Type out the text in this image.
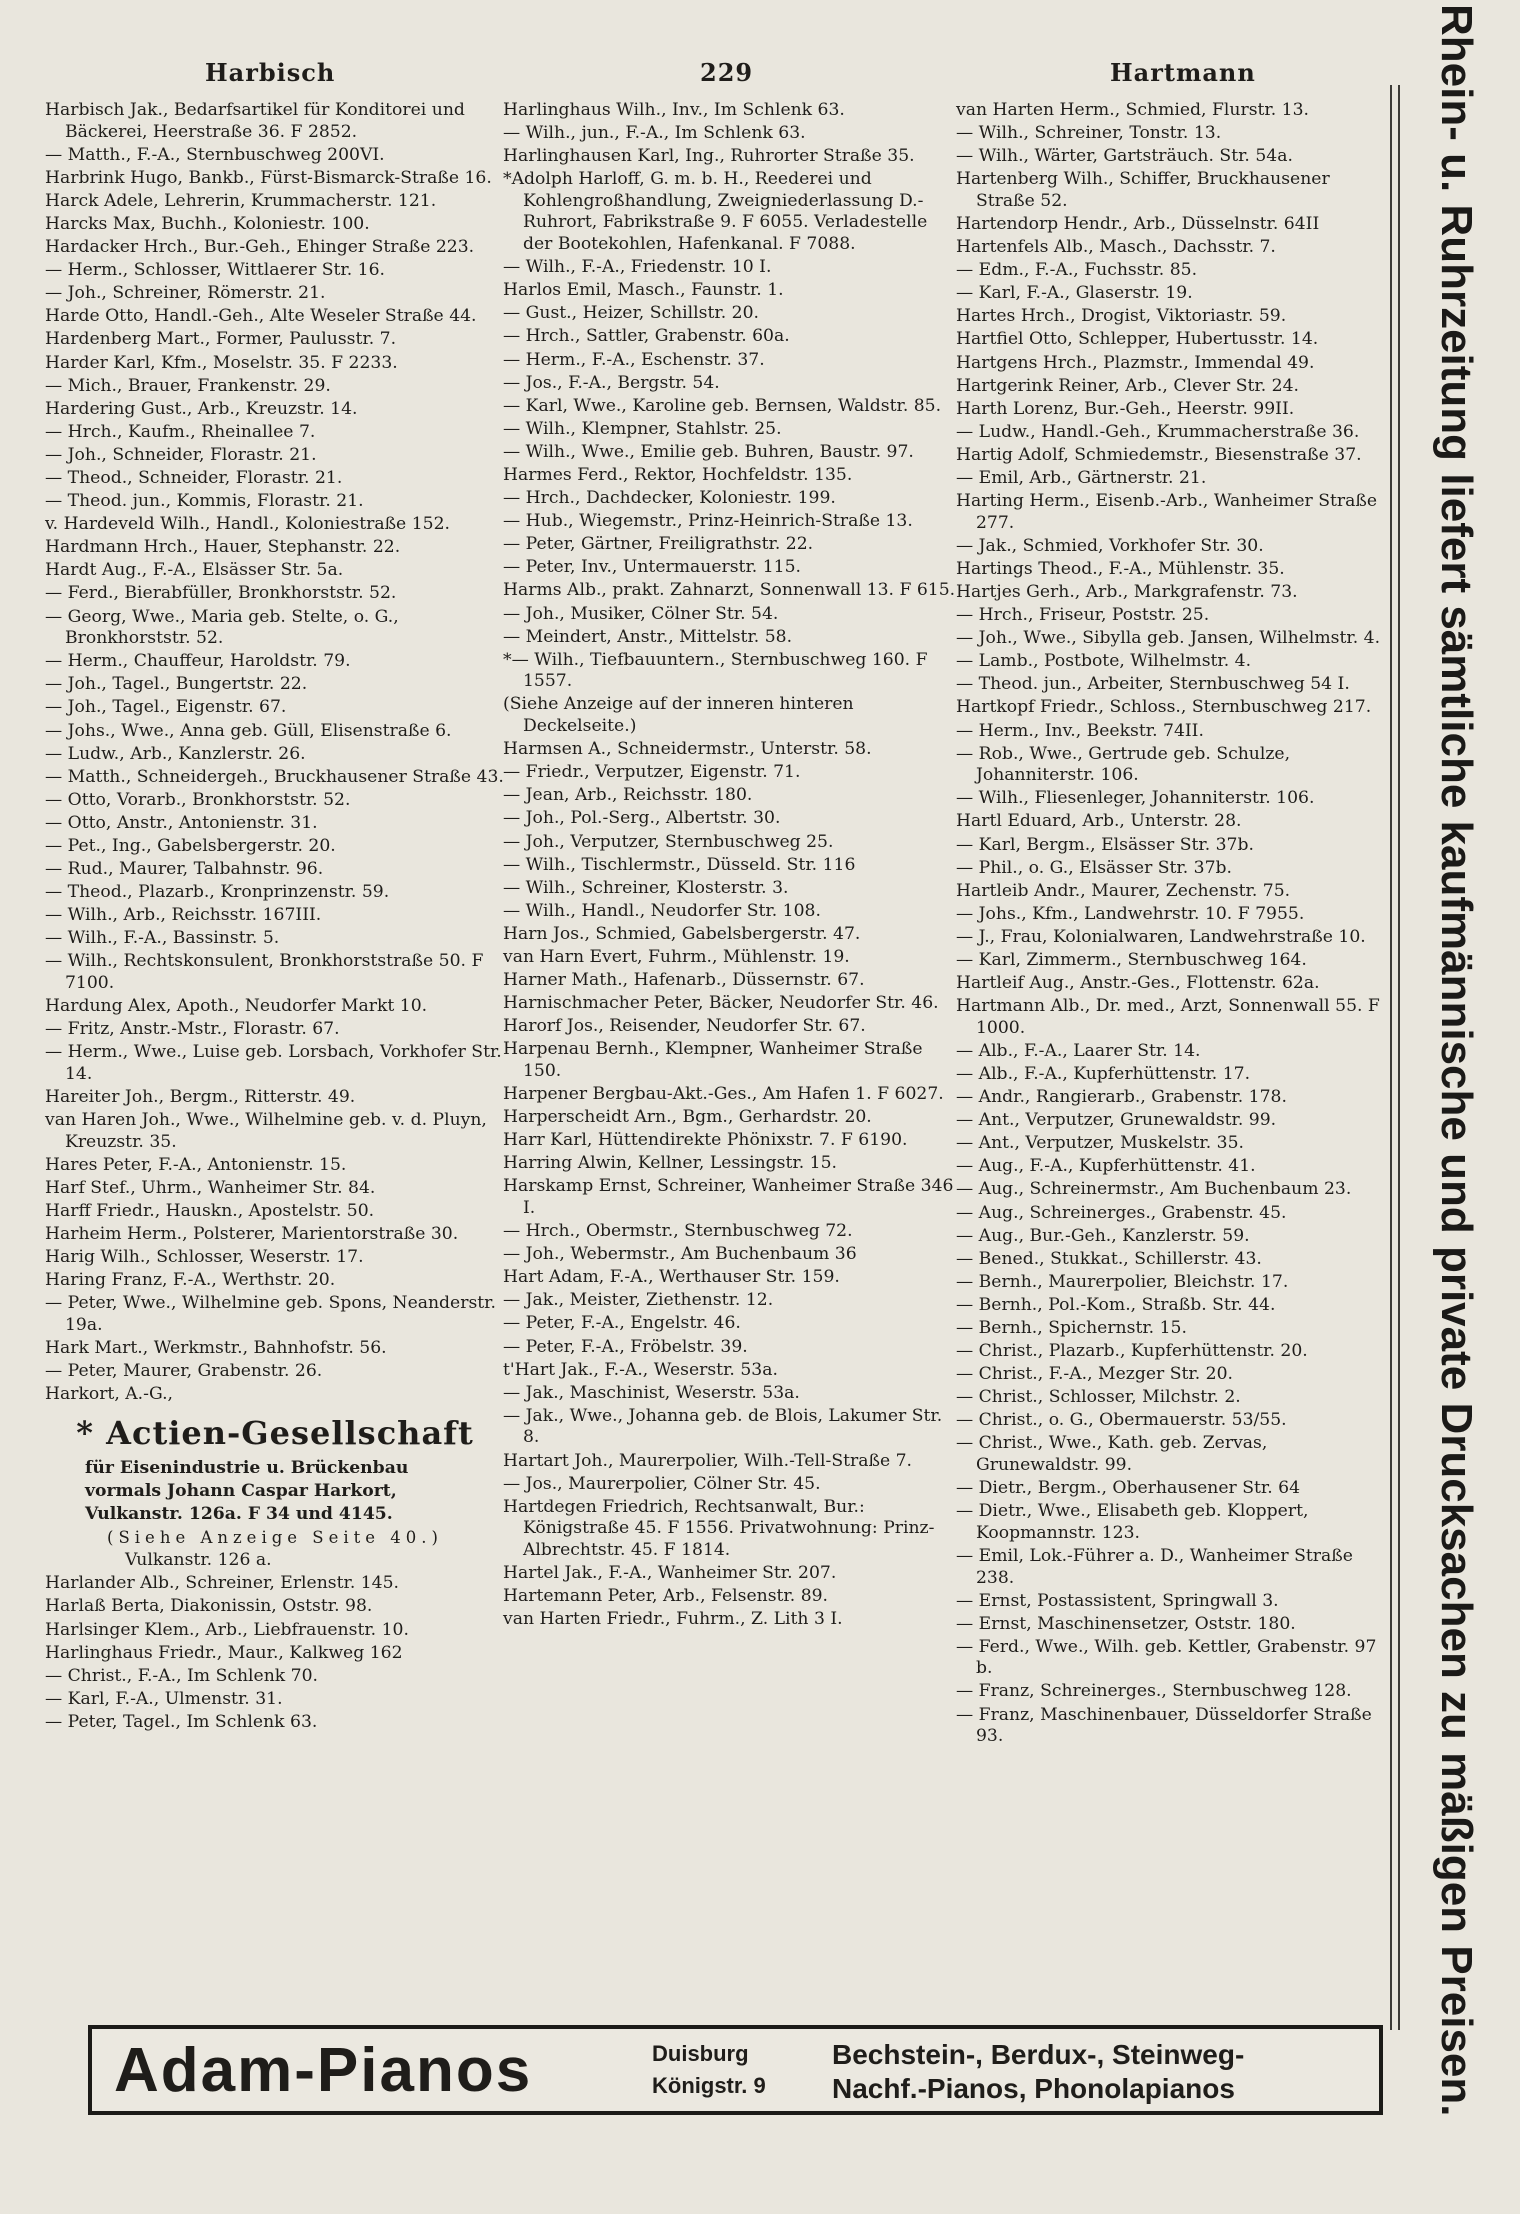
Harbisch	229	Hartmann
Harbisch Jak., Bedarfsartikel für Konditorei und Bäckerei, Heerstraße 36. F 2852.
— Matth., F.-A., Sternbuschweg 200VI.
Harbrink Hugo, Bankb., Fürst-Bismarck-Straße 16.
Harck Adele, Lehrerin, Krummacherstr. 121.
Harcks Max, Buchh., Koloniestr. 100.
Hardacker Hrch., Bur.-Geh., Ehinger Straße 223.
— Herm., Schlosser, Wittlaerer Str. 16.
— Joh., Schreiner, Römerstr. 21.
Harde Otto, Handl.-Geh., Alte Weseler Straße 44.
Hardenberg Mart., Former, Paulusstr. 7.
Harder Karl, Kfm., Moselstr. 35. F 2233.
— Mich., Brauer, Frankenstr. 29.
Hardering Gust., Arb., Kreuzstr. 14.
— Hrch., Kaufm., Rheinallee 7.
— Joh., Schneider, Florastr. 21.
— Theod., Schneider, Florastr. 21.
— Theod. jun., Kommis, Florastr. 21.
v. Hardeveld Wilh., Handl., Koloniestraße 152.
Hardmann Hrch., Hauer, Stephanstr. 22.
Hardt Aug., F.-A., Elsässer Str. 5a.
— Ferd., Bierabfüller, Bronkhorststr. 52.
— Georg, Wwe., Maria geb. Stelte, o. G., Bronkhorststr. 52.
— Herm., Chauffeur, Haroldstr. 79.
— Joh., Tagel., Bungertstr. 22.
— Joh., Tagel., Eigenstr. 67.
— Johs., Wwe., Anna geb. Güll, Elisenstraße 6.
— Ludw., Arb., Kanzlerstr. 26.
— Matth., Schneidergeh., Bruckhausener Straße 43.
— Otto, Vorarb., Bronkhorststr. 52.
— Otto, Anstr., Antonienstr. 31.
— Pet., Ing., Gabelsbergerstr. 20.
— Rud., Maurer, Talbahnstr. 96.
— Theod., Plazarb., Kronprinzenstr. 59.
— Wilh., Arb., Reichsstr. 167III.
— Wilh., F.-A., Bassinstr. 5.
— Wilh., Rechtskonsulent, Bronkhorststraße 50. F 7100.
Hardung Alex, Apoth., Neudorfer Markt 10.
— Fritz, Anstr.-Mstr., Florastr. 67.
— Herm., Wwe., Luise geb. Lorsbach, Vorkhofer Str. 14.
Hareiter Joh., Bergm., Ritterstr. 49.
van Haren Joh., Wwe., Wilhelmine geb. v. d. Pluyn, Kreuzstr. 35.
Hares Peter, F.-A., Antonienstr. 15.
Harf Stef., Uhrm., Wanheimer Str. 84.
Harff Friedr., Hauskn., Apostelstr. 50.
Harheim Herm., Polsterer, Marientorstraße 30.
Harig Wilh., Schlosser, Weserstr. 17.
Haring Franz, F.-A., Werthstr. 20.
— Peter, Wwe., Wilhelmine geb. Spons, Neanderstr. 19a.
Hark Mart., Werkmstr., Bahnhofstr. 56.
— Peter, Maurer, Grabenstr. 26.
Harkort, A.-G.,
* Actien-Gesellschaft
für Eisenindustrie u. Brückenbau
vormals Johann Caspar Harkort,
Vulkanstr. 126a. F 34 und 4145.
(Siehe Anzeige Seite 40.)
Vulkanstr. 126 a.
Harlander Alb., Schreiner, Erlenstr. 145.
Harlaß Berta, Diakonissin, Oststr. 98.
Harlsinger Klem., Arb., Liebfrauenstr. 10.
Harlinghaus Friedr., Maur., Kalkweg 162
— Christ., F.-A., Im Schlenk 70.
— Karl, F.-A., Ulmenstr. 31.
— Peter, Tagel., Im Schlenk 63.
Harlinghaus Wilh., Inv., Im Schlenk 63.
— Wilh., jun., F.-A., Im Schlenk 63.
Harlinghausen Karl, Ing., Ruhrorter Straße 35.
*Adolph Harloff, G. m. b. H., Reederei und Kohlengroßhandlung, Zweigniederlassung D.-Ruhrort, Fabrikstraße 9. F 6055. Verladestelle der Bootekohlen, Hafenkanal. F 7088.
— Wilh., F.-A., Friedenstr. 10 I.
Harlos Emil, Masch., Faunstr. 1.
— Gust., Heizer, Schillstr. 20.
— Hrch., Sattler, Grabenstr. 60a.
— Herm., F.-A., Eschenstr. 37.
— Jos., F.-A., Bergstr. 54.
— Karl, Wwe., Karoline geb. Bernsen, Waldstr. 85.
— Wilh., Klempner, Stahlstr. 25.
— Wilh., Wwe., Emilie geb. Buhren, Baustr. 97.
Harmes Ferd., Rektor, Hochfeldstr. 135.
— Hrch., Dachdecker, Koloniestr. 199.
— Hub., Wiegemstr., Prinz-Heinrich-Straße 13.
— Peter, Gärtner, Freiligrathstr. 22.
— Peter, Inv., Untermauerstr. 115.
Harms Alb., prakt. Zahnarzt, Sonnenwall 13. F 615.
— Joh., Musiker, Cölner Str. 54.
— Meindert, Anstr., Mittelstr. 58.
*— Wilh., Tiefbauuntern., Sternbuschweg 160. F 1557.
(Siehe Anzeige auf der inneren hinteren Deckelseite.)
Harmsen A., Schneidermstr., Unterstr. 58.
— Friedr., Verputzer, Eigenstr. 71.
— Jean, Arb., Reichsstr. 180.
— Joh., Pol.-Serg., Albertstr. 30.
— Joh., Verputzer, Sternbuschweg 25.
— Wilh., Tischlermstr., Düsseld. Str. 116
— Wilh., Schreiner, Klosterstr. 3.
— Wilh., Handl., Neudorfer Str. 108.
Harn Jos., Schmied, Gabelsbergerstr. 47.
van Harn Evert, Fuhrm., Mühlenstr. 19.
Harner Math., Hafenarb., Düssernstr. 67.
Harnischmacher Peter, Bäcker, Neudorfer Str. 46.
Harorf Jos., Reisender, Neudorfer Str. 67.
Harpenau Bernh., Klempner, Wanheimer Straße 150.
Harpener Bergbau-Akt.-Ges., Am Hafen 1. F 6027.
Harperscheidt Arn., Bgm., Gerhardstr. 20.
Harr Karl, Hüttendirekte Phönixstr. 7. F 6190.
Harring Alwin, Kellner, Lessingstr. 15.
Harskamp Ernst, Schreiner, Wanheimer Straße 346 I.
— Hrch., Obermstr., Sternbuschweg 72.
— Joh., Webermstr., Am Buchenbaum 36
Hart Adam, F.-A., Werthauser Str. 159.
— Jak., Meister, Ziethenstr. 12.
— Peter, F.-A., Engelstr. 46.
— Peter, F.-A., Fröbelstr. 39.
t'Hart Jak., F.-A., Weserstr. 53a.
— Jak., Maschinist, Weserstr. 53a.
— Jak., Wwe., Johanna geb. de Blois, Lakumer Str. 8.
Hartart Joh., Maurerpolier, Wilh.-Tell-Straße 7.
— Jos., Maurerpolier, Cölner Str. 45.
Hartdegen Friedrich, Rechtsanwalt, Bur.: Königstraße 45. F 1556. Privatwohnung: Prinz-Albrechtstr. 45. F 1814.
Hartel Jak., F.-A., Wanheimer Str. 207.
Hartemann Peter, Arb., Felsenstr. 89.
van Harten Friedr., Fuhrm., Z. Lith 3 I.
van Harten Herm., Schmied, Flurstr. 13.
— Wilh., Schreiner, Tonstr. 13.
— Wilh., Wärter, Gartsträuch. Str. 54a.
Hartenberg Wilh., Schiffer, Bruckhausener Straße 52.
Hartendorp Hendr., Arb., Düsselnstr. 64II
Hartenfels Alb., Masch., Dachsstr. 7.
— Edm., F.-A., Fuchsstr. 85.
— Karl, F.-A., Glaserstr. 19.
Hartes Hrch., Drogist, Viktoriastr. 59.
Hartfiel Otto, Schlepper, Hubertusstr. 14.
Hartgens Hrch., Plazmstr., Immendal 49.
Hartgerink Reiner, Arb., Clever Str. 24.
Harth Lorenz, Bur.-Geh., Heerstr. 99II.
— Ludw., Handl.-Geh., Krummacherstraße 36.
Hartig Adolf, Schmiedemstr., Biesenstraße 37.
— Emil, Arb., Gärtnerstr. 21.
Harting Herm., Eisenb.-Arb., Wanheimer Straße 277.
— Jak., Schmied, Vorkhofer Str. 30.
Hartings Theod., F.-A., Mühlenstr. 35.
Hartjes Gerh., Arb., Markgrafenstr. 73.
— Hrch., Friseur, Poststr. 25.
— Joh., Wwe., Sibylla geb. Jansen, Wilhelmstr. 4.
— Lamb., Postbote, Wilhelmstr. 4.
— Theod. jun., Arbeiter, Sternbuschweg 54 I.
Hartkopf Friedr., Schloss., Sternbuschweg 217.
— Herm., Inv., Beekstr. 74II.
— Rob., Wwe., Gertrude geb. Schulze, Johanniterstr. 106.
— Wilh., Fliesenleger, Johanniterstr. 106.
Hartl Eduard, Arb., Unterstr. 28.
— Karl, Bergm., Elsässer Str. 37b.
— Phil., o. G., Elsässer Str. 37b.
Hartleib Andr., Maurer, Zechenstr. 75.
— Johs., Kfm., Landwehrstr. 10. F 7955.
— J., Frau, Kolonialwaren, Landwehrstraße 10.
— Karl, Zimmerm., Sternbuschweg 164.
Hartleif Aug., Anstr.-Ges., Flottenstr. 62a.
Hartmann Alb., Dr. med., Arzt, Sonnenwall 55. F 1000.
— Alb., F.-A., Laarer Str. 14.
— Alb., F.-A., Kupferhüttenstr. 17.
— Andr., Rangierarb., Grabenstr. 178.
— Ant., Verputzer, Grunewaldstr. 99.
— Ant., Verputzer, Muskelstr. 35.
— Aug., F.-A., Kupferhüttenstr. 41.
— Aug., Schreinermstr., Am Buchenbaum 23.
— Aug., Schreinerges., Grabenstr. 45.
— Aug., Bur.-Geh., Kanzlerstr. 59.
— Bened., Stukkat., Schillerstr. 43.
— Bernh., Maurerpolier, Bleichstr. 17.
— Bernh., Pol.-Kom., Straßb. Str. 44.
— Bernh., Spichernstr. 15.
— Christ., Plazarb., Kupferhüttenstr. 20.
— Christ., F.-A., Mezger Str. 20.
— Christ., Schlosser, Milchstr. 2.
— Christ., o. G., Obermauerstr. 53/55.
— Christ., Wwe., Kath. geb. Zervas, Grunewaldstr. 99.
— Dietr., Bergm., Oberhausener Str. 64
— Dietr., Wwe., Elisabeth geb. Kloppert, Koopmannstr. 123.
— Emil, Lok.-Führer a. D., Wanheimer Straße 238.
— Ernst, Postassistent, Springwall 3.
— Ernst, Maschinensetzer, Oststr. 180.
— Ferd., Wwe., Wilh. geb. Kettler, Grabenstr. 97 b.
— Franz, Schreinerges., Sternbuschweg 128.
— Franz, Maschinenbauer, Düsseldorfer Straße 93.	Rhein- u. Ruhrzeitung liefert sämtliche kaufmännische und private Drucksachen zu mäßigen Preisen.
Adam-Pianos	Duisburg
Königstr. 9
Bechstein-, Berdux-, Steinweg-
Nachf.-Pianos, Phonolapianos
